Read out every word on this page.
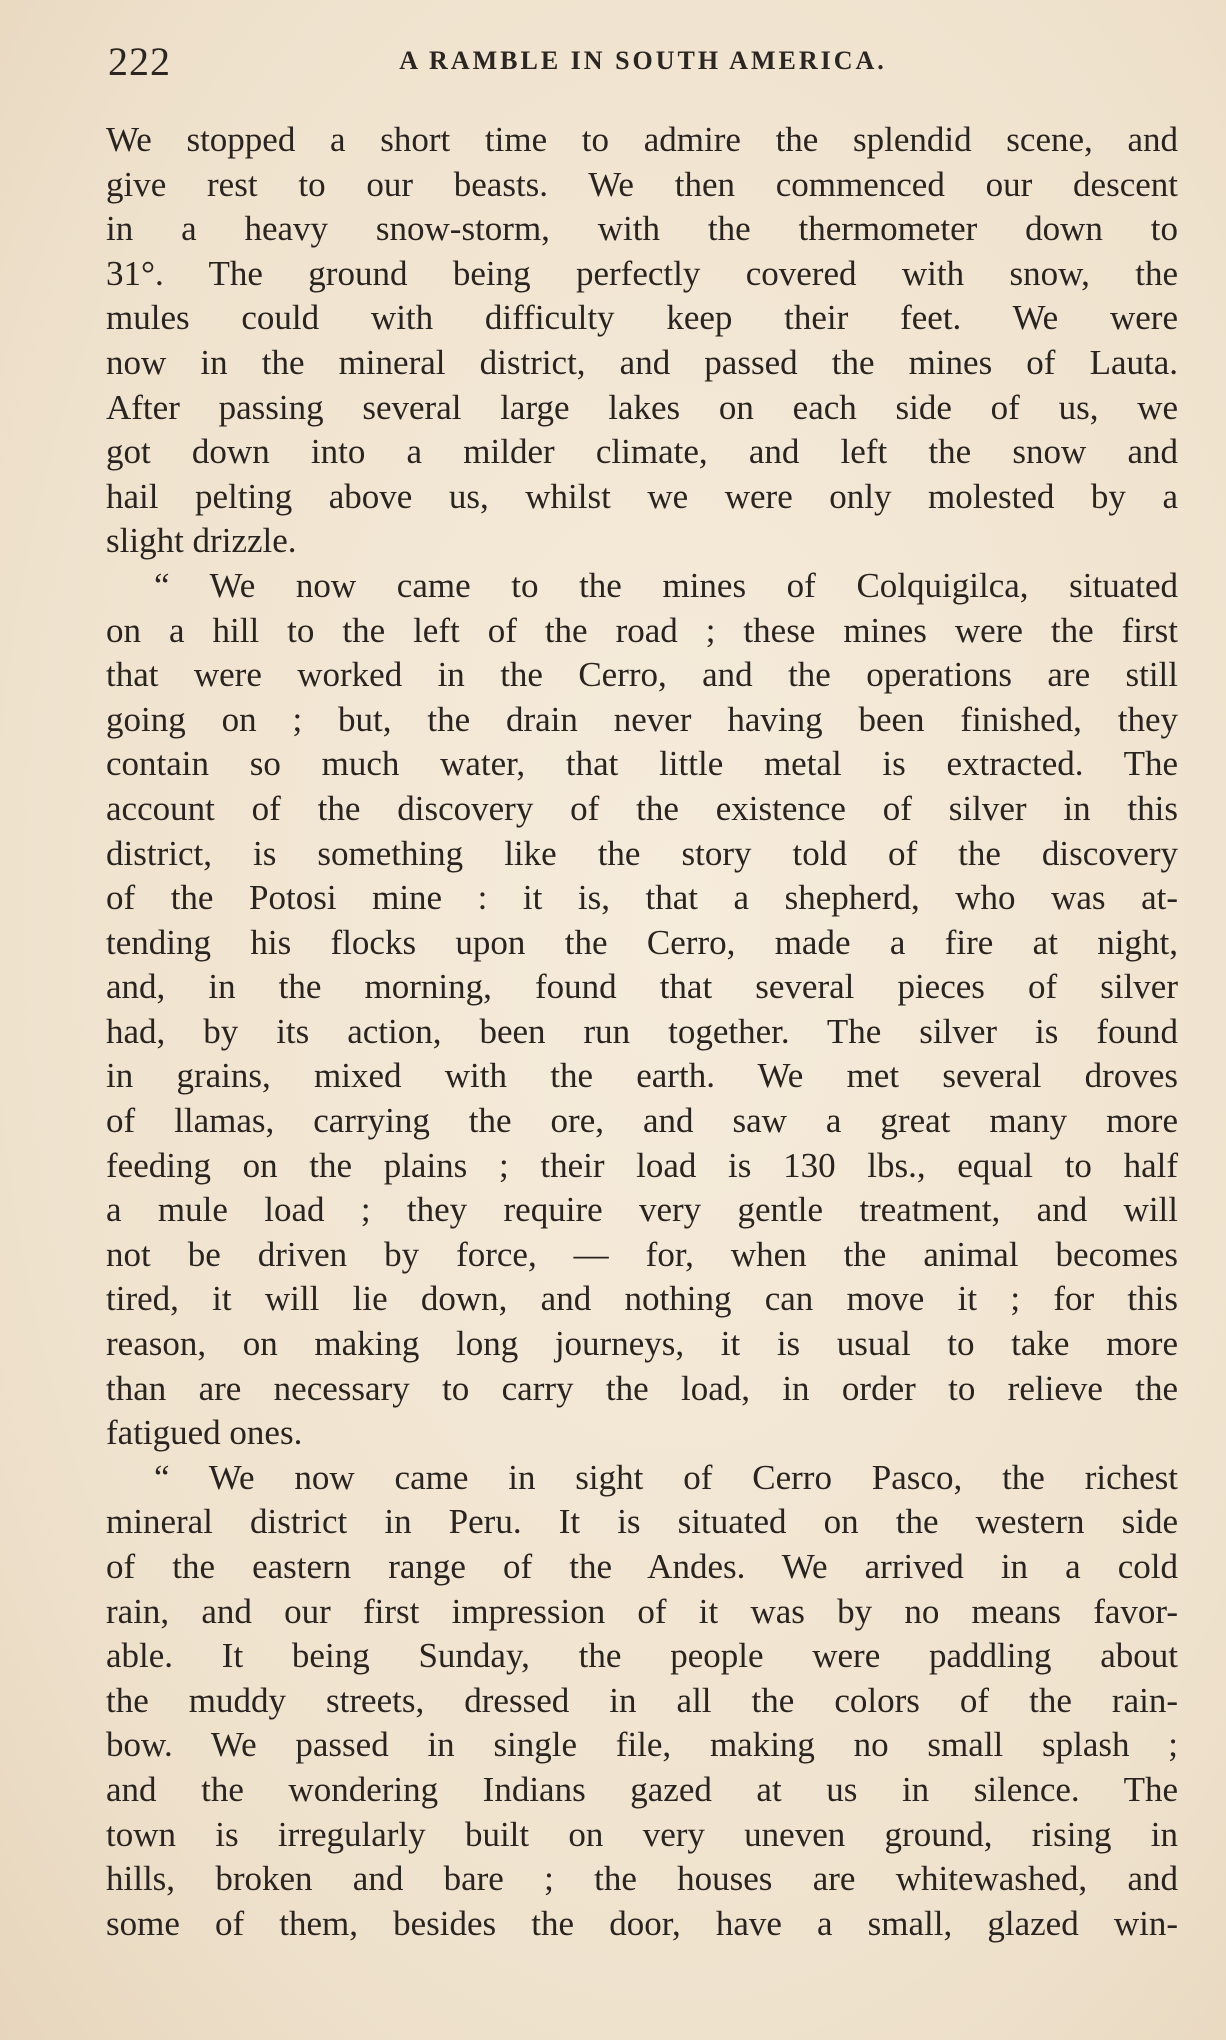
222	A RAMBLE IN SOUTH AMERICA.

We stopped a short time to admire the splendid scene, and
give rest to our beasts. We then commenced our descent
in a heavy snow-storm, with the thermometer down to
31°. The ground being perfectly covered with snow, the
mules could with difficulty keep their feet. We were
now in the mineral district, and passed the mines of Lauta.
After passing several large lakes on each side of us, we
got down into a milder climate, and left the snow and
hail pelting above us, whilst we were only molested by a
slight drizzle.

“ We now came to the mines of Colquigilca, situated
on a hill to the left of the road ; these mines were the first
that were worked in the Cerro, and the operations are still
going on ; but, the drain never having been finished, they
contain so much water, that little metal is extracted. The
account of the discovery of the existence of silver in this
district, is something like the story told of the discovery
of the Potosi mine : it is, that a shepherd, who was at-
tending his flocks upon the Cerro, made a fire at night,
and, in the morning, found that several pieces of silver
had, by its action, been run together. The silver is found
in grains, mixed with the earth. We met several droves
of llamas, carrying the ore, and saw a great many more
feeding on the plains ; their load is 130 lbs., equal to half
a mule load ; they require very gentle treatment, and will
not be driven by force, — for, when the animal becomes
tired, it will lie down, and nothing can move it ; for this
reason, on making long journeys, it is usual to take more
than are necessary to carry the load, in order to relieve the
fatigued ones.

“ We now came in sight of Cerro Pasco, the richest
mineral district in Peru. It is situated on the western side
of the eastern range of the Andes. We arrived in a cold
rain, and our first impression of it was by no means favor-
able. It being Sunday, the people were paddling about
the muddy streets, dressed in all the colors of the rain-
bow. We passed in single file, making no small splash ;
and the wondering Indians gazed at us in silence. The
town is irregularly built on very uneven ground, rising in
hills, broken and bare ; the houses are whitewashed, and
some of them, besides the door, have a small, glazed win-
